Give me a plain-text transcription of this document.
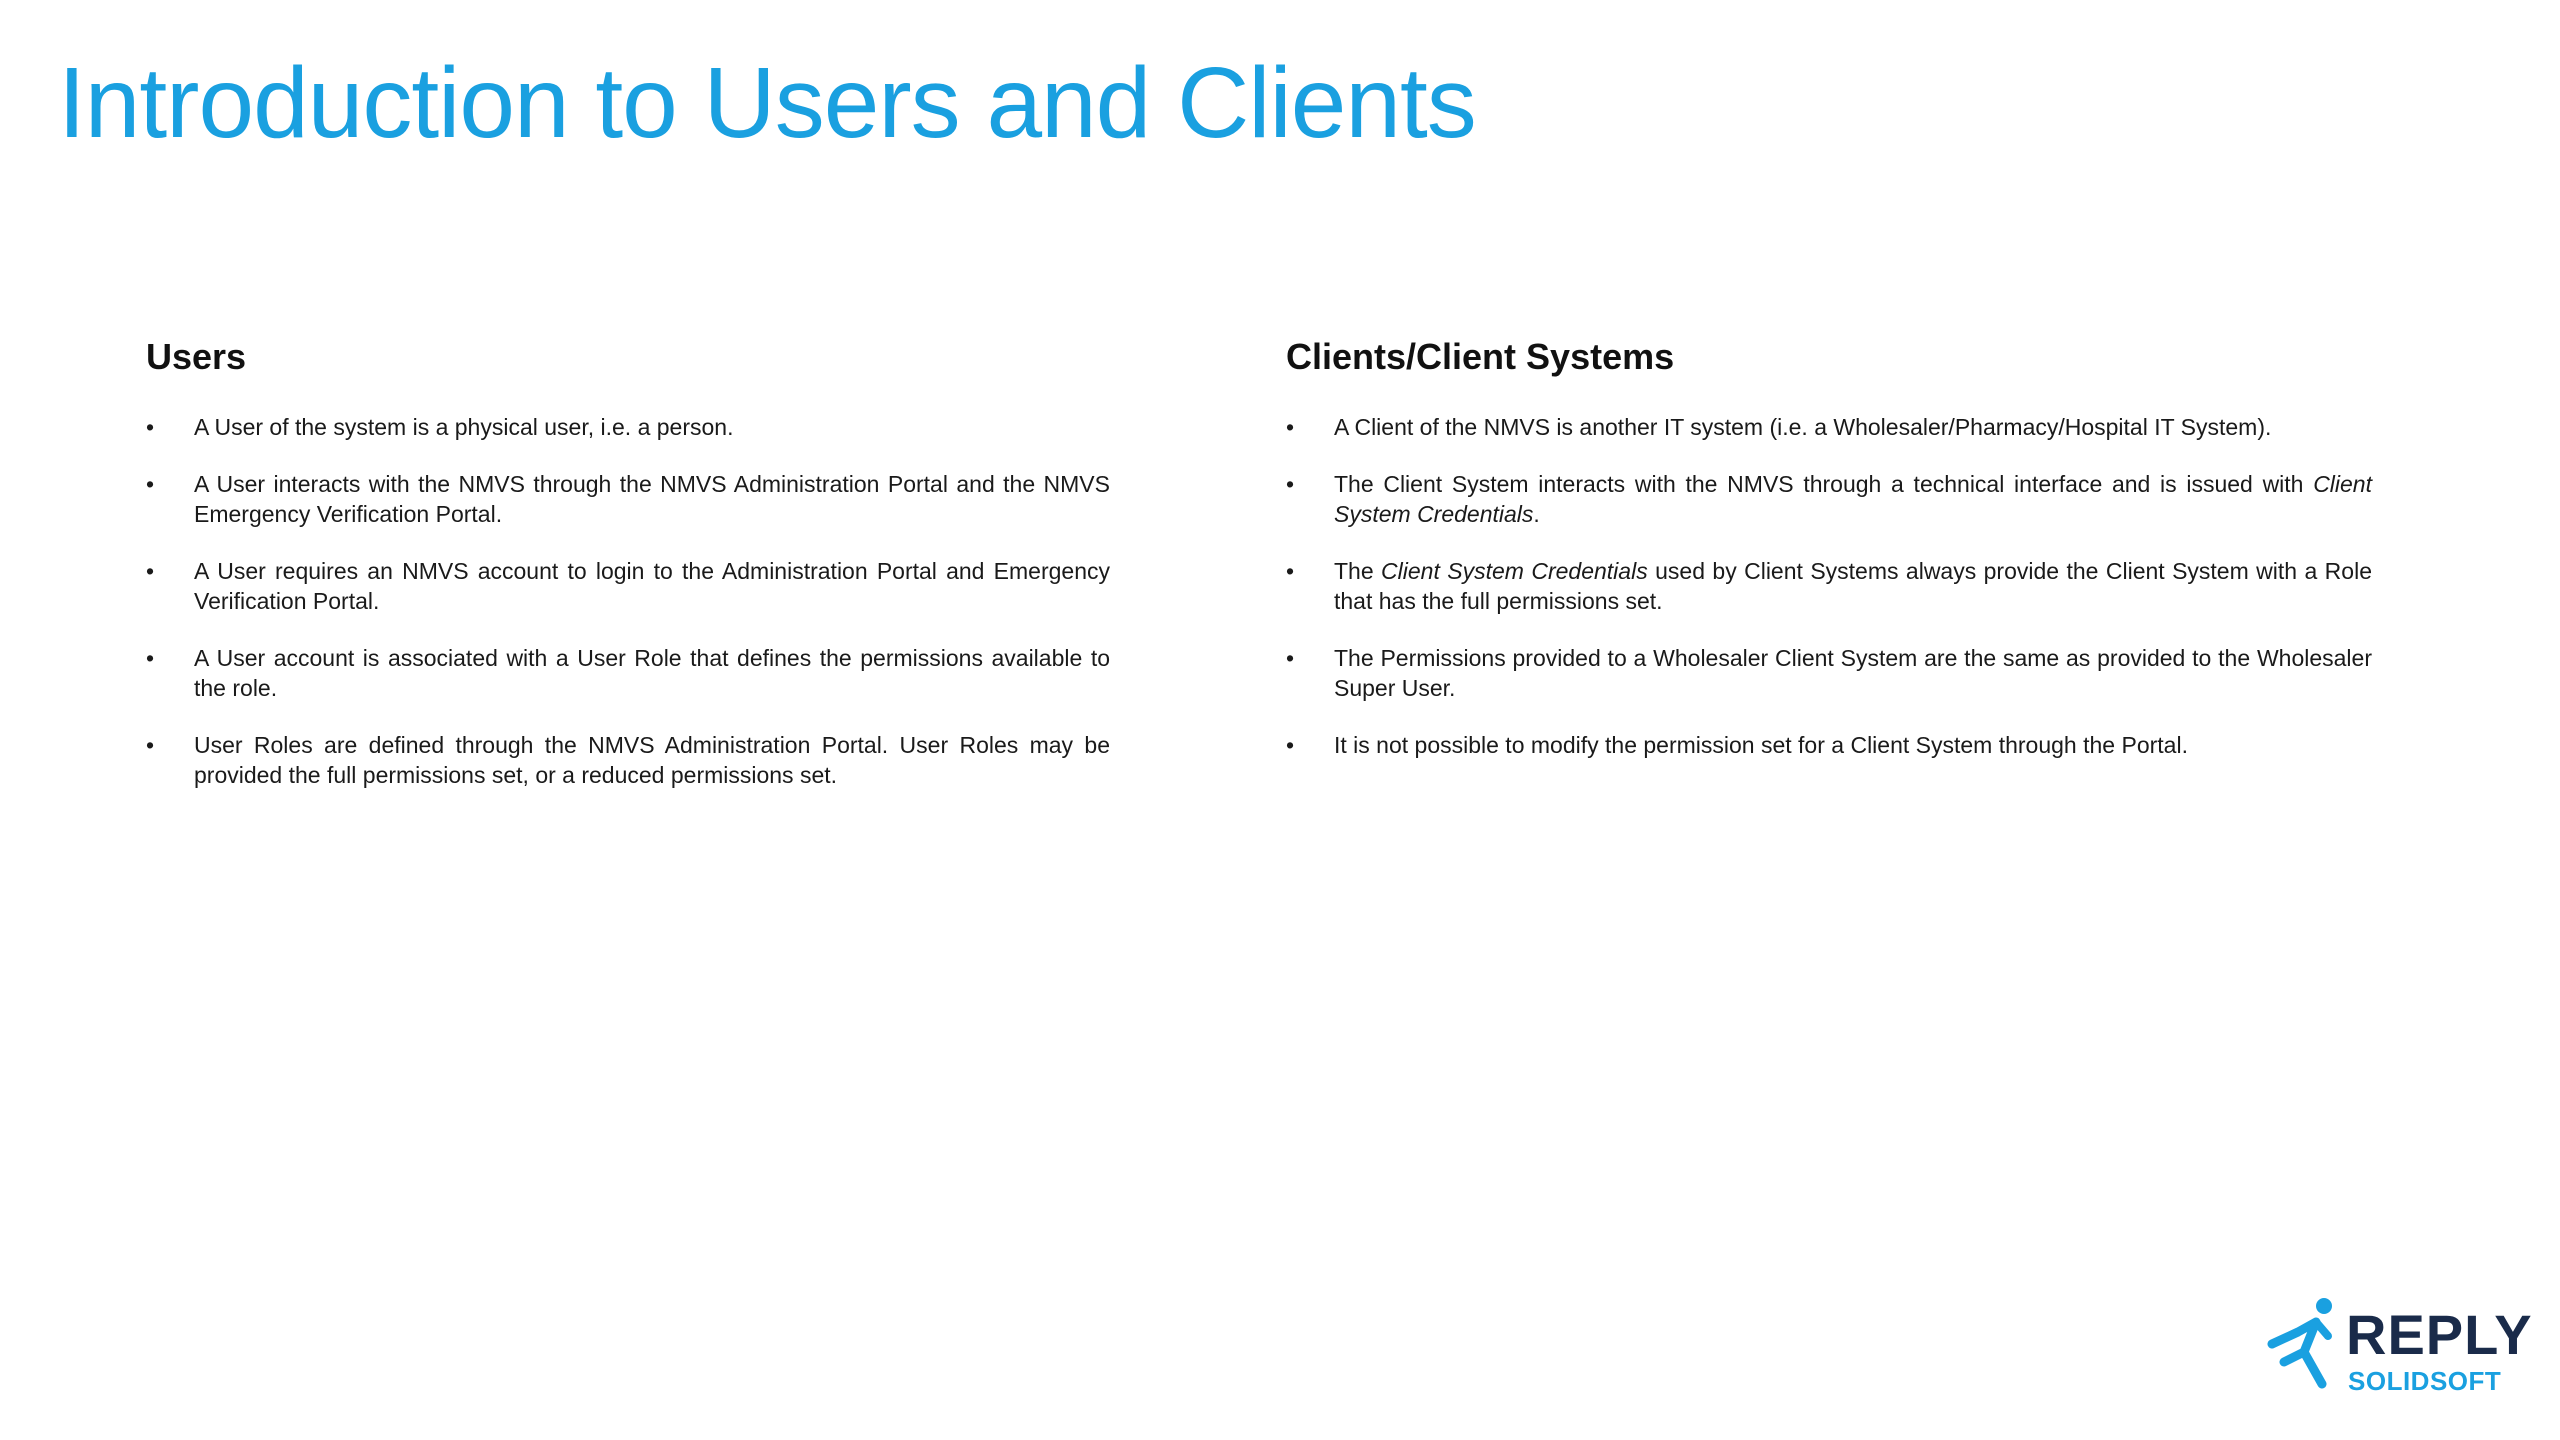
Introduction to Users and Clients
Users
•	A User of the system is a physical user, i.e. a person.
•	A User interacts with the NMVS through the NMVS Administration Portal and the NMVS Emergency Verification Portal.
•	A User requires an NMVS account to login to the Administration Portal and Emergency Verification Portal.
•	A User account is associated with a User Role that defines the permissions available to the role.
•	User Roles are defined through the NMVS Administration Portal. User Roles may be provided the full permissions set, or a reduced permissions set.
Clients/Client Systems
•	A Client of the NMVS is another IT system (i.e. a Wholesaler/Pharmacy/Hospital IT System).
•	The Client System interacts with the NMVS through a technical interface and is issued with Client System Credentials.
•	The Client System Credentials used by Client Systems always provide the Client System with a Role that has the full permissions set.
•	The Permissions provided to a Wholesaler Client System are the same as provided to the Wholesaler Super User.
•	It is not possible to modify the permission set for a Client System through the Portal.
REPLY
SOLIDSOFT
